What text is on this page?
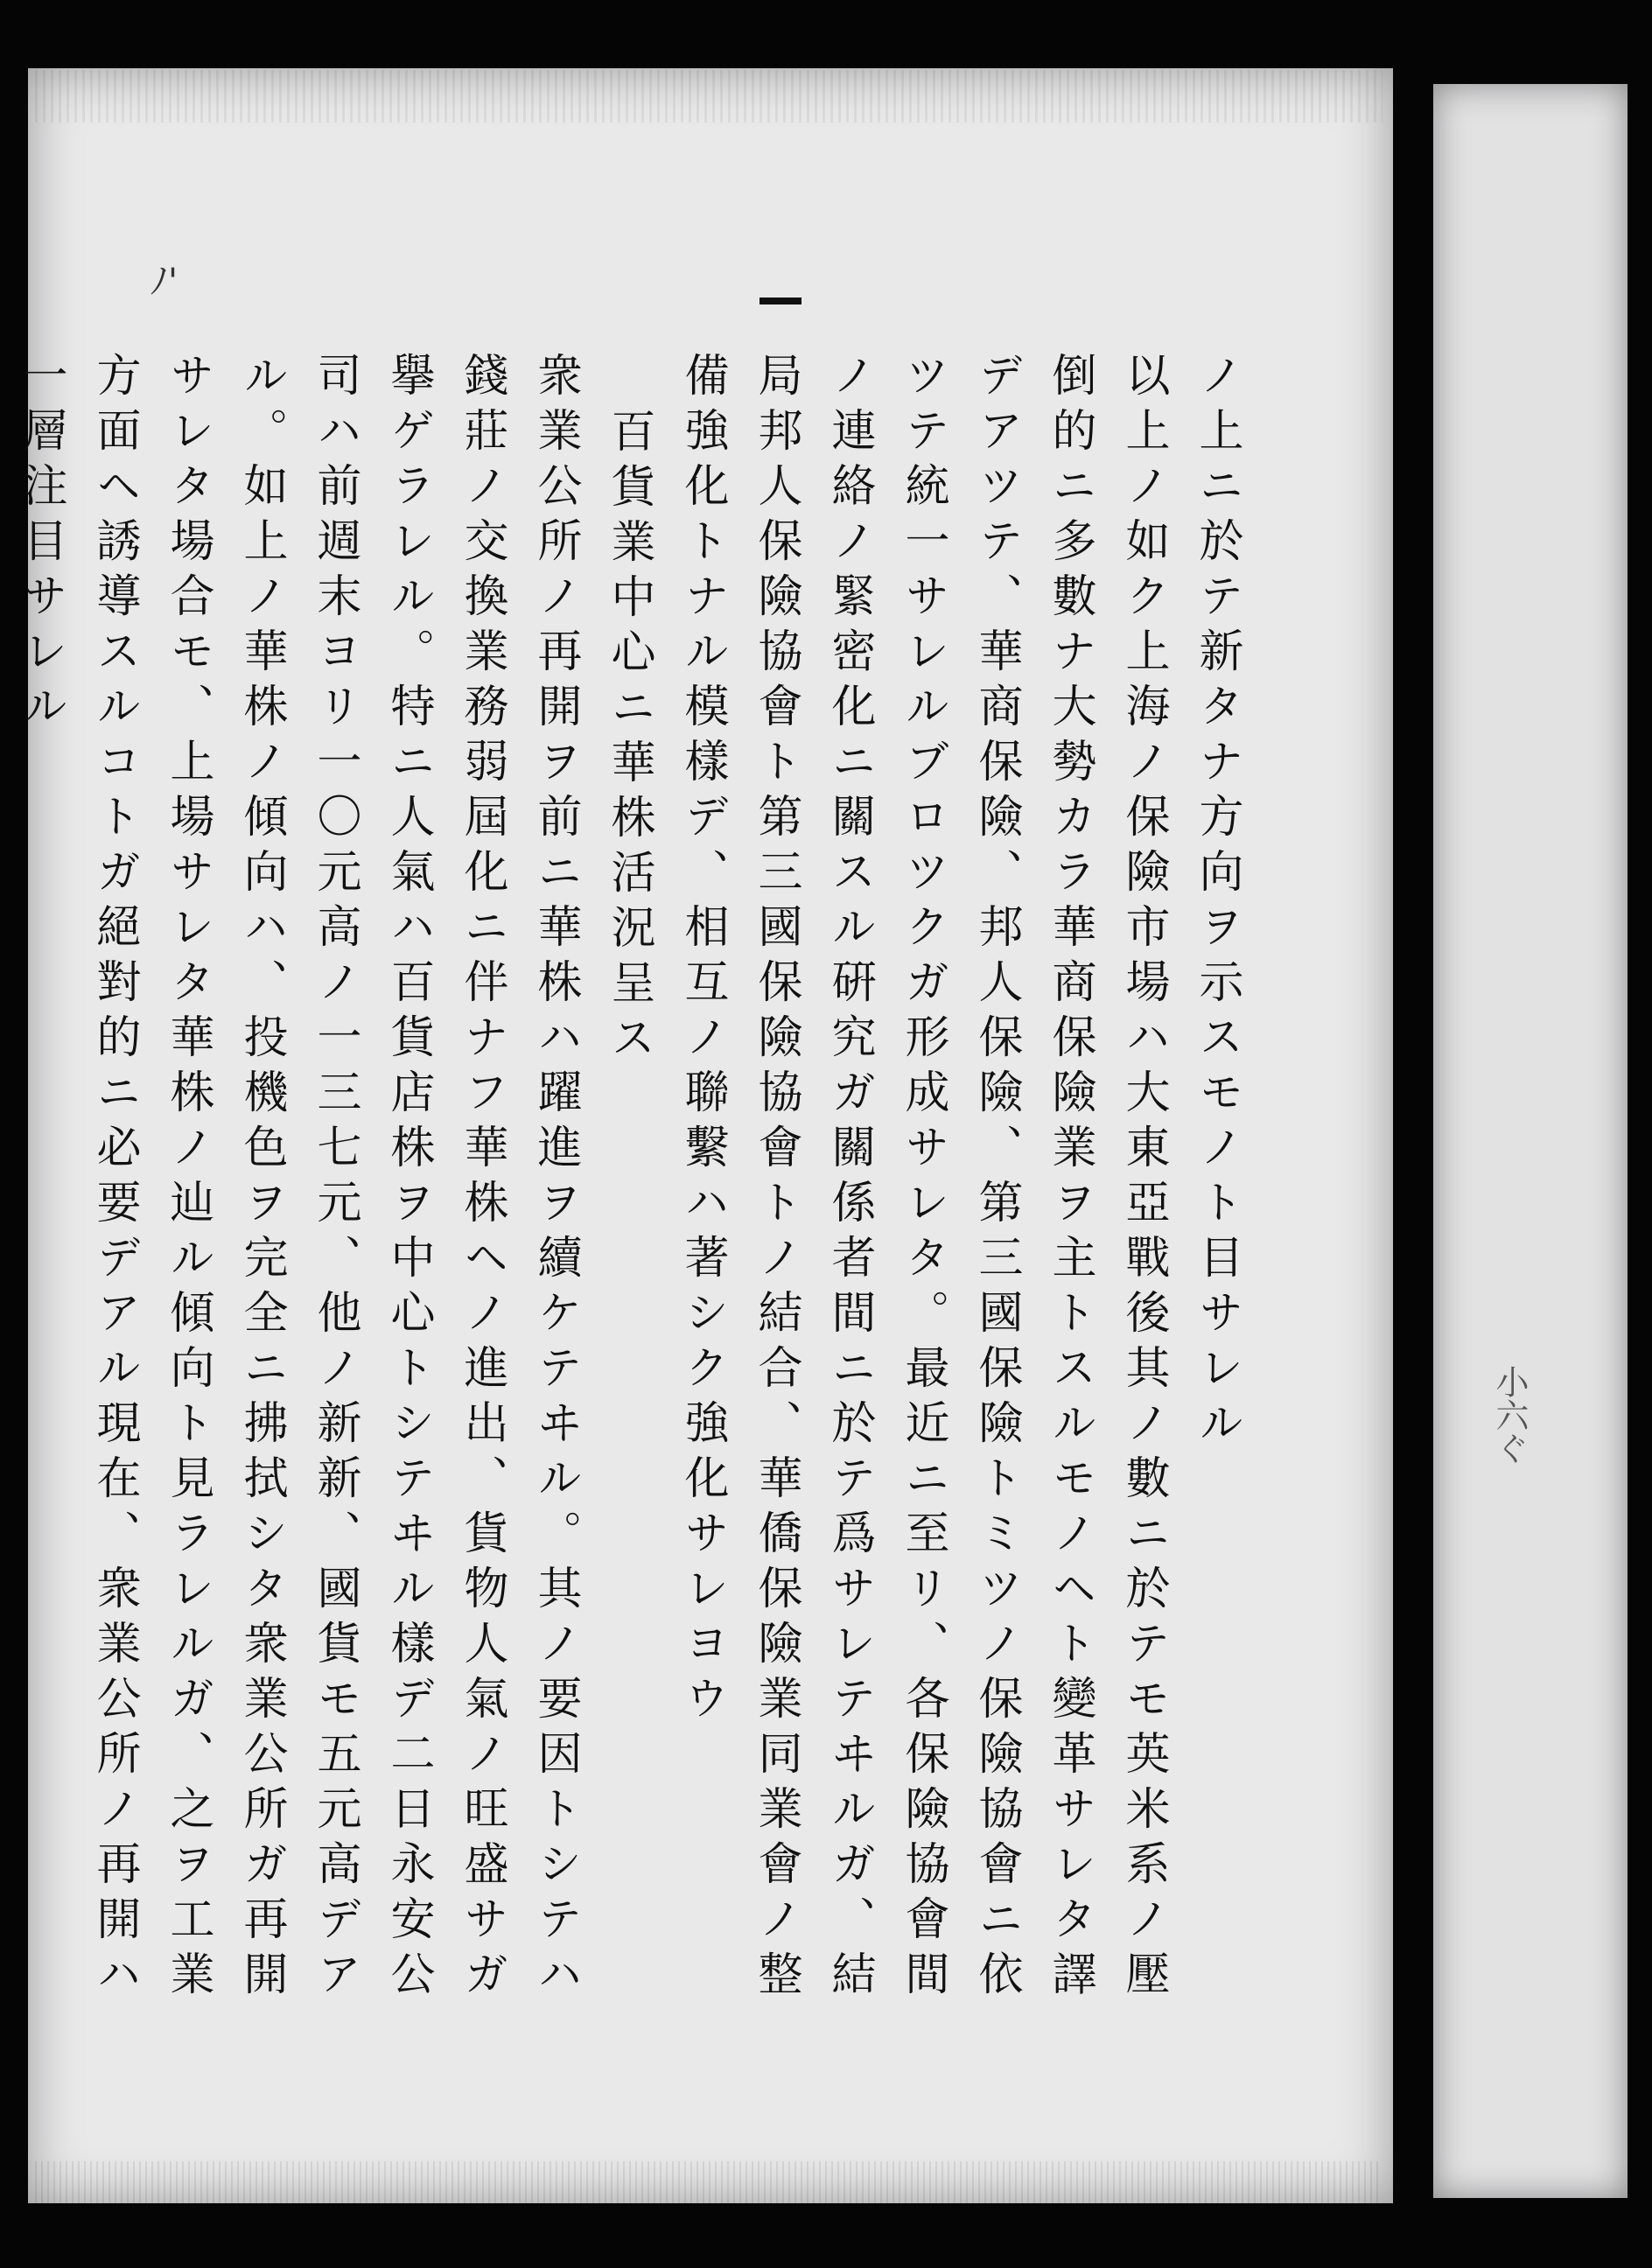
ﾉ'
小六ぐ
ノ上ニ於テ新タナ方向ヲ示スモノト目サレル
以上ノ如ク上海ノ保險市場ハ大東亞戰後其ノ數ニ於テモ英米系ノ壓
倒的ニ多數ナ大勢カラ華商保險業ヲ主トスルモノヘト變革サレタ譯
デアツテ、華商保險、邦人保險、第三國保險トミツノ保險協會ニ依
ツテ統一サレルブロツクガ形成サレタ。最近ニ至リ、各保險協會間
ノ連絡ノ緊密化ニ關スル硏究ガ關係者間ニ於テ爲サレテヰルガ、結
局邦人保險協會ト第三國保險協會トノ結合、華僑保險業同業會ノ整
備強化トナル模樣デ、相互ノ聯繫ハ著シク強化サレヨウ
百貨業中心ニ華株活況呈ス
衆業公所ノ再開ヲ前ニ華株ハ躍進ヲ續ケテヰル。其ノ要因トシテハ
錢莊ノ交換業務弱屆化ニ伴ナフ華株ヘノ進出、貨物人氣ノ旺盛サガ
擧ゲラレル。特ニ人氣ハ百貨店株ヲ中心トシテヰル樣デ二日永安公
司ハ前週末ヨリ一〇元高ノ一三七元、他ノ新新、國貨モ五元高デア
ル。如上ノ華株ノ傾向ハ、投機色ヲ完全ニ拂拭シタ衆業公所ガ再開
サレタ場合モ、上場サレタ華株ノ辿ル傾向ト見ラレルガ、之ヲ工業
方面ヘ誘導スルコトガ絕對的ニ必要デアル現在、衆業公所ノ再開ハ
一層注目サレル
